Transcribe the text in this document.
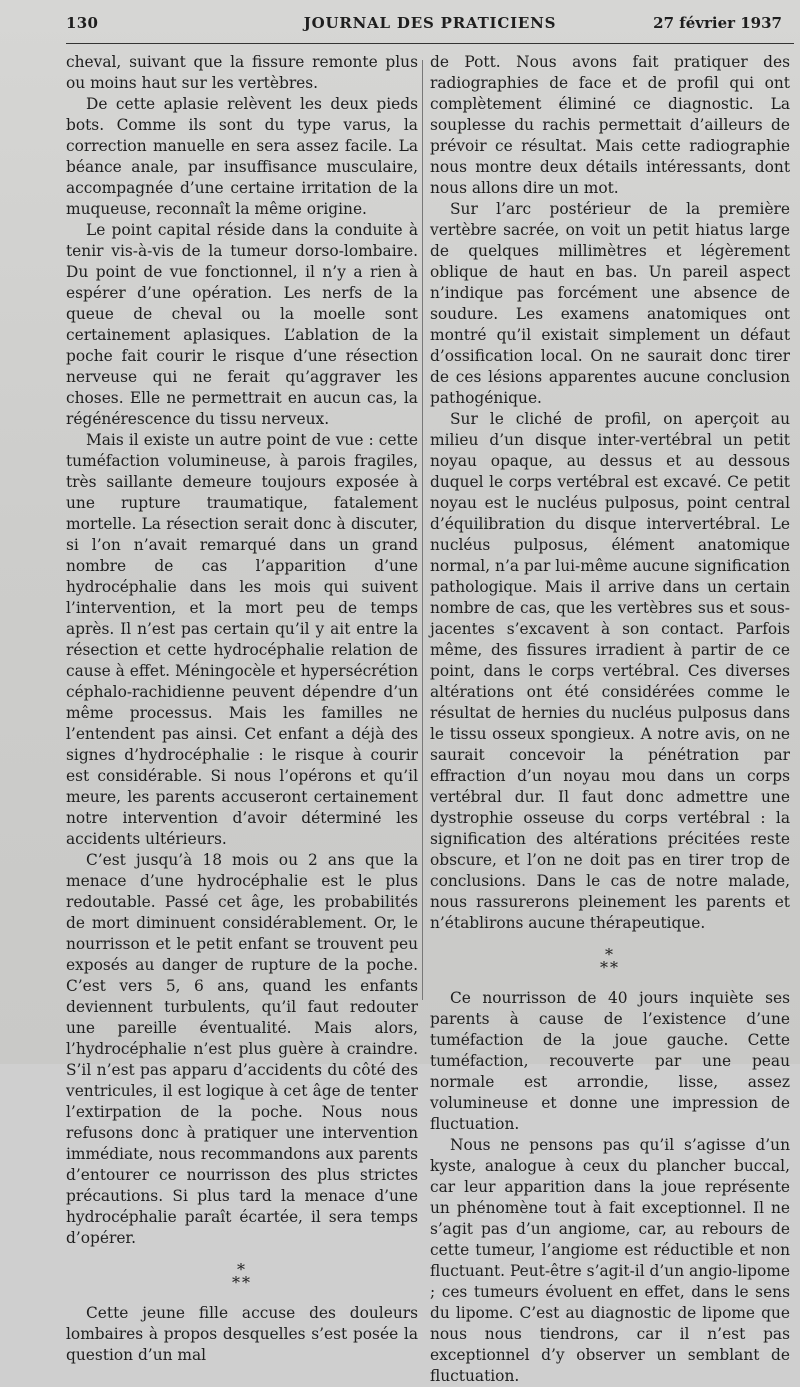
130	JOURNAL DES PRATICIENS	27 février 1937

cheval, suivant que la fissure remonte plus ou moins haut sur les vertèbres.

De cette aplasie relèvent les deux pieds bots. Comme ils sont du type varus, la correction manuelle en sera assez facile. La béance anale, par insuffisance musculaire, accompagnée d’une certaine irritation de la muqueuse, reconnaît la même origine.

Le point capital réside dans la conduite à tenir vis-à-vis de la tumeur dorso-lombaire. Du point de vue fonctionnel, il n’y a rien à espérer d’une opération. Les nerfs de la queue de cheval ou la moelle sont certainement aplasiques. L’ablation de la poche fait courir le risque d’une résection nerveuse qui ne ferait qu’aggraver les choses. Elle ne permettrait en aucun cas, la régénérescence du tissu nerveux.

Mais il existe un autre point de vue : cette tuméfaction volumineuse, à parois fragiles, très saillante demeure toujours exposée à une rupture traumatique, fatalement mortelle. La résection serait donc à discuter, si l’on n’avait remarqué dans un grand nombre de cas l’apparition d’une hydrocéphalie dans les mois qui suivent l’intervention, et la mort peu de temps après. Il n’est pas certain qu’il y ait entre la résection et cette hydrocéphalie relation de cause à effet. Méningocèle et hypersécrétion céphalo-rachidienne peuvent dépendre d’un même processus. Mais les familles ne l’entendent pas ainsi. Cet enfant a déjà des signes d’hydrocéphalie : le risque à courir est considérable. Si nous l’opérons et qu’il meure, les parents accuseront certainement notre intervention d’avoir déterminé les accidents ultérieurs.

C’est jusqu’à 18 mois ou 2 ans que la menace d’une hydrocéphalie est le plus redoutable. Passé cet âge, les probabilités de mort diminuent considérablement. Or, le nourrisson et le petit enfant se trouvent peu exposés au danger de rupture de la poche. C’est vers 5, 6 ans, quand les enfants deviennent turbulents, qu’il faut redouter une pareille éventualité. Mais alors, l’hydrocéphalie n’est plus guère à craindre. S’il n’est pas apparu d’accidents du côté des ventricules, il est logique à cet âge de tenter l’extirpation de la poche. Nous nous refusons donc à pratiquer une intervention immédiate, nous recommandons aux parents d’entourer ce nourrisson des plus strictes précautions. Si plus tard la menace d’une hydrocéphalie paraît écartée, il sera temps d’opérer.

*
**

Cette jeune fille accuse des douleurs lombaires à propos desquelles s’est posée la question d’un mal

de Pott. Nous avons fait pratiquer des radiographies de face et de profil qui ont complètement éliminé ce diagnostic. La souplesse du rachis permettait d’ailleurs de prévoir ce résultat. Mais cette radiographie nous montre deux détails intéressants, dont nous allons dire un mot.

Sur l’arc postérieur de la première vertèbre sacrée, on voit un petit hiatus large de quelques millimètres et légèrement oblique de haut en bas. Un pareil aspect n’indique pas forcément une absence de soudure. Les examens anatomiques ont montré qu’il existait simplement un défaut d’ossification local. On ne saurait donc tirer de ces lésions apparentes aucune conclusion pathogénique.

Sur le cliché de profil, on aperçoit au milieu d’un disque inter-vertébral un petit noyau opaque, au dessus et au dessous duquel le corps vertébral est excavé. Ce petit noyau est le nucléus pulposus, point central d’équilibration du disque intervertébral. Le nucléus pulposus, élément anatomique normal, n’a par lui-même aucune signification pathologique. Mais il arrive dans un certain nombre de cas, que les vertèbres sus et sous-jacentes s’excavent à son contact. Parfois même, des fissures irradient à partir de ce point, dans le corps vertébral. Ces diverses altérations ont été considérées comme le résultat de hernies du nucléus pulposus dans le tissu osseux spongieux. A notre avis, on ne saurait concevoir la pénétration par effraction d’un noyau mou dans un corps vertébral dur. Il faut donc admettre une dystrophie osseuse du corps vertébral : la signification des altérations précitées reste obscure, et l’on ne doit pas en tirer trop de conclusions. Dans le cas de notre malade, nous rassurerons pleinement les parents et n’établirons aucune thérapeutique.

*
**

Ce nourrisson de 40 jours inquiète ses parents à cause de l’existence d’une tuméfaction de la joue gauche. Cette tuméfaction, recouverte par une peau normale est arrondie, lisse, assez volumineuse et donne une impression de fluctuation.

Nous ne pensons pas qu’il s’agisse d’un kyste, analogue à ceux du plancher buccal, car leur apparition dans la joue représente un phénomène tout à fait exceptionnel. Il ne s’agit pas d’un angiome, car, au rebours de cette tumeur, l’angiome est réductible et non fluctuant. Peut-être s’agit-il d’un angio-lipome ; ces tumeurs évoluent en effet, dans le sens du lipome. C’est au diagnostic de lipome que nous nous tiendrons, car il n’est pas exceptionnel d’y observer un semblant de fluctuation.
